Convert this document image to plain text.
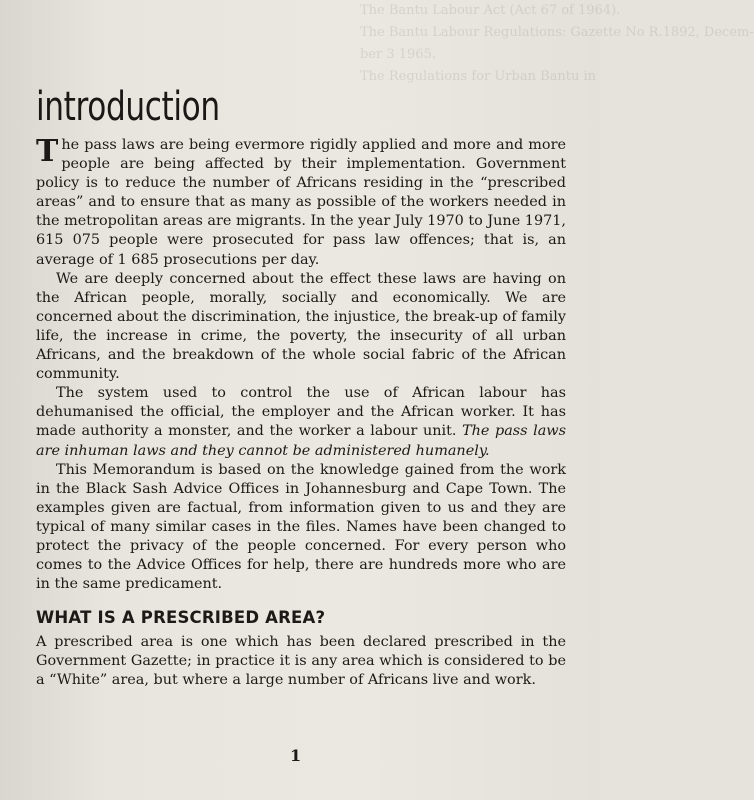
The Bantu Labour Act (Act 67 of 1964).
The Bantu Labour Regulations: Gazette No R.1892, Decem-
ber 3 1965.
The Regulations for Urban Bantu in
introduction

The pass laws are being evermore rigidly applied and more and more people are being affected by their implementation. Government policy is to reduce the number of Africans residing in the “prescribed areas” and to ensure that as many as possible of the workers needed in the metropolitan areas are migrants. In the year July 1970 to June 1971, 615 075 people were prosecuted for pass law offences; that is, an average of 1 685 prosecutions per day.

We are deeply concerned about the effect these laws are having on the African people, morally, socially and economically. We are concerned about the discrimination, the injustice, the break-up of family life, the increase in crime, the poverty, the insecurity of all urban Africans, and the breakdown of the whole social fabric of the African community.

The system used to control the use of African labour has dehumanised the official, the employer and the African worker. It has made authority a monster, and the worker a labour unit. The pass laws are inhuman laws and they cannot be administered humanely.

This Memorandum is based on the knowledge gained from the work in the Black Sash Advice Offices in Johannesburg and Cape Town. The examples given are factual, from information given to us and they are typical of many similar cases in the files. Names have been changed to protect the privacy of the people concerned. For every person who comes to the Advice Offices for help, there are hundreds more who are in the same predicament.

WHAT IS A PRESCRIBED AREA?

A prescribed area is one which has been declared prescribed in the Government Gazette; in practice it is any area which is considered to be a “White” area, but where a large number of Africans live and work.

1
